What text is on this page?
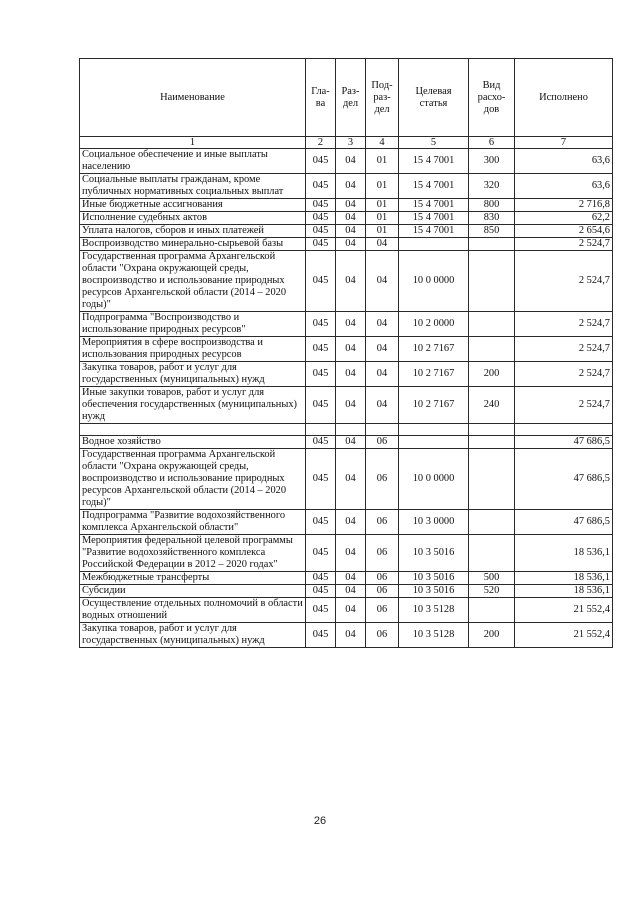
Наименование	Гла-ва	Раз-дел	Под-раз-дел	Целевая статья	Вид расхо-дов	Исполнено
1	2	3	4	5	6	7
Социальное обеспечение и иные выплаты населению	045	04	01	15 4 7001	300	63,6
Социальные выплаты гражданам, кроме публичных нормативных социальных выплат	045	04	01	15 4 7001	320	63,6
Иные бюджетные ассигнования	045	04	01	15 4 7001	800	2 716,8
Исполнение судебных актов	045	04	01	15 4 7001	830	62,2
Уплата налогов, сборов и иных платежей	045	04	01	15 4 7001	850	2 654,6
Воспроизводство минерально-сырьевой базы	045	04	04			2 524,7
Государственная программа Архангельской области "Охрана окружающей среды, воспроизводство и использование природных ресурсов Архангельской области (2014 – 2020 годы)"	045	04	04	10 0 0000		2 524,7
Подпрограмма "Воспроизводство и использование природных ресурсов"	045	04	04	10 2 0000		2 524,7
Мероприятия в сфере воспроизводства и использования природных ресурсов	045	04	04	10 2 7167		2 524,7
Закупка товаров, работ и услуг для государственных (муниципальных) нужд	045	04	04	10 2 7167	200	2 524,7
Иные закупки товаров, работ и услуг для обеспечения государственных (муниципальных) нужд	045	04	04	10 2 7167	240	2 524,7

Водное хозяйство	045	04	06			47 686,5
Государственная программа Архангельской области "Охрана окружающей среды, воспроизводство и использование природных ресурсов Архангельской области (2014 – 2020 годы)"	045	04	06	10 0 0000		47 686,5
Подпрограмма "Развитие водохозяйственного комплекса Архангельской области"	045	04	06	10 3 0000		47 686,5
Мероприятия федеральной целевой программы "Развитие водохозяйственного комплекса Российской Федерации в 2012 – 2020 годах"	045	04	06	10 3 5016		18 536,1
Межбюджетные трансферты	045	04	06	10 3 5016	500	18 536,1
Субсидии	045	04	06	10 3 5016	520	18 536,1
Осуществление отдельных полномочий в области водных отношений	045	04	06	10 3 5128		21 552,4
Закупка товаров, работ и услуг для государственных (муниципальных) нужд	045	04	06	10 3 5128	200	21 552,4
26
